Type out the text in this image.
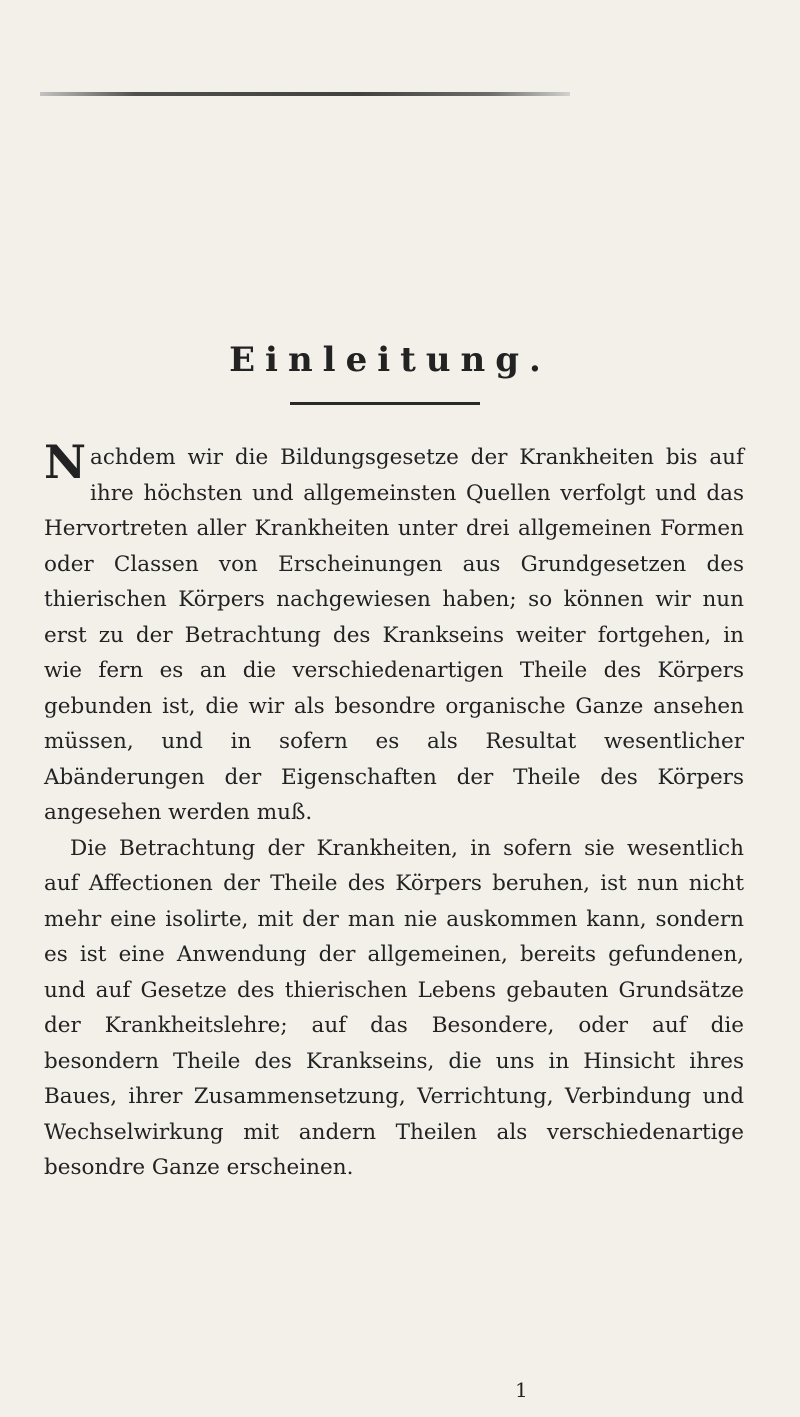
Einleitung.

Nachdem wir die Bildungsgesetze der Krankheiten bis auf ihre höchsten und allgemeinsten Quellen verfolgt und das Hervortreten aller Krankheiten unter drei allgemeinen Formen oder Classen von Erscheinungen aus Grundgesetzen des thierischen Körpers nachgewiesen haben; so können wir nun erst zu der Betrachtung des Krankseins weiter fortgehen, in wie fern es an die verschiedenartigen Theile des Körpers gebunden ist, die wir als besondre organische Ganze ansehen müssen, und in sofern es als Resultat wesentlicher Abänderungen der Eigenschaften der Theile des Körpers angesehen werden muß.

Die Betrachtung der Krankheiten, in sofern sie wesentlich auf Affectionen der Theile des Körpers beruhen, ist nun nicht mehr eine isolirte, mit der man nie auskommen kann, sondern es ist eine Anwendung der allgemeinen, bereits gefundenen, und auf Gesetze des thierischen Lebens gebauten Grundsätze der Krankheitslehre; auf das Besondere, oder auf die besondern Theile des Krankseins, die uns in Hinsicht ihres Baues, ihrer Zusammensetzung, Verrichtung, Verbindung und Wechselwirkung mit andern Theilen als verschiedenartige besondre Ganze erscheinen.

1
